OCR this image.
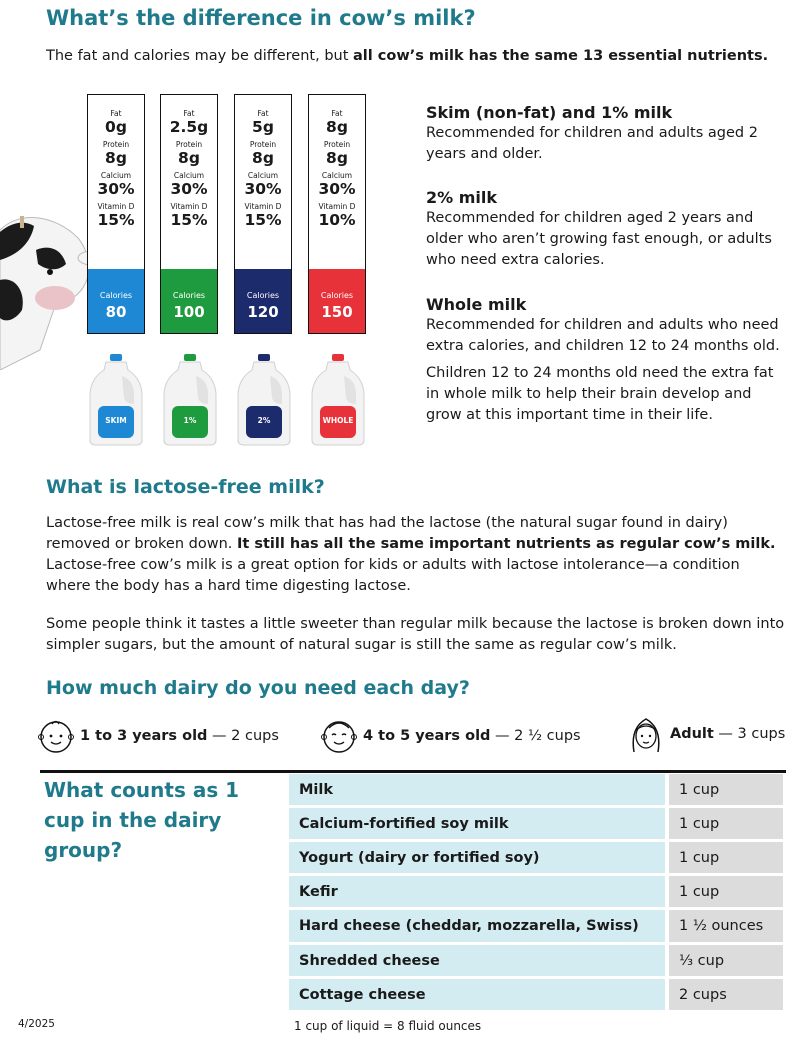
What’s the difference in cow’s milk?
The fat and calories may be different, but all cow’s milk has the same 13 essential nutrients.
Fat
0g
Protein
8g
Calcium
30%
Vitamin D
15%
Calories
80
Fat
2.5g
Protein
8g
Calcium
30%
Vitamin D
15%
Calories
100
Fat
5g
Protein
8g
Calcium
30%
Vitamin D
15%
Calories
120
Fat
8g
Protein
8g
Calcium
30%
Vitamin D
10%
Calories
150
SKIM	1%	2%	WHOLE
Skim (non-fat) and 1% milk
Recommended for children and adults aged 2 years and older.
2% milk
Recommended for children aged 2 years and older who aren’t growing fast enough, or adults who need extra calories.
Whole milk
Recommended for children and adults who need extra calories, and children 12 to 24 months old.
Children 12 to 24 months old need the extra fat in whole milk to help their brain develop and grow at this important time in their life.
What is lactose-free milk?
Lactose-free milk is real cow’s milk that has had the lactose (the natural sugar found in dairy) removed or broken down. It still has all the same important nutrients as regular cow’s milk. Lactose-free cow’s milk is a great option for kids or adults with lactose intolerance—a condition where the body has a hard time digesting lactose.
Some people think it tastes a little sweeter than regular milk because the lactose is broken down into simpler sugars, but the amount of natural sugar is still the same as regular cow’s milk.
How much dairy do you need each day?
1 to 3 years old — 2 cups	4 to 5 years old — 2 ½ cups	Adult — 3 cups
What counts as 1 cup in the dairy group?
Milk	1 cup
Calcium-fortified soy milk	1 cup
Yogurt (dairy or fortified soy)	1 cup
Kefir	1 cup
Hard cheese (cheddar, mozzarella, Swiss)	1 ½ ounces
Shredded cheese	⅓ cup
Cottage cheese	2 cups
1 cup of liquid = 8 fluid ounces
4/2025
